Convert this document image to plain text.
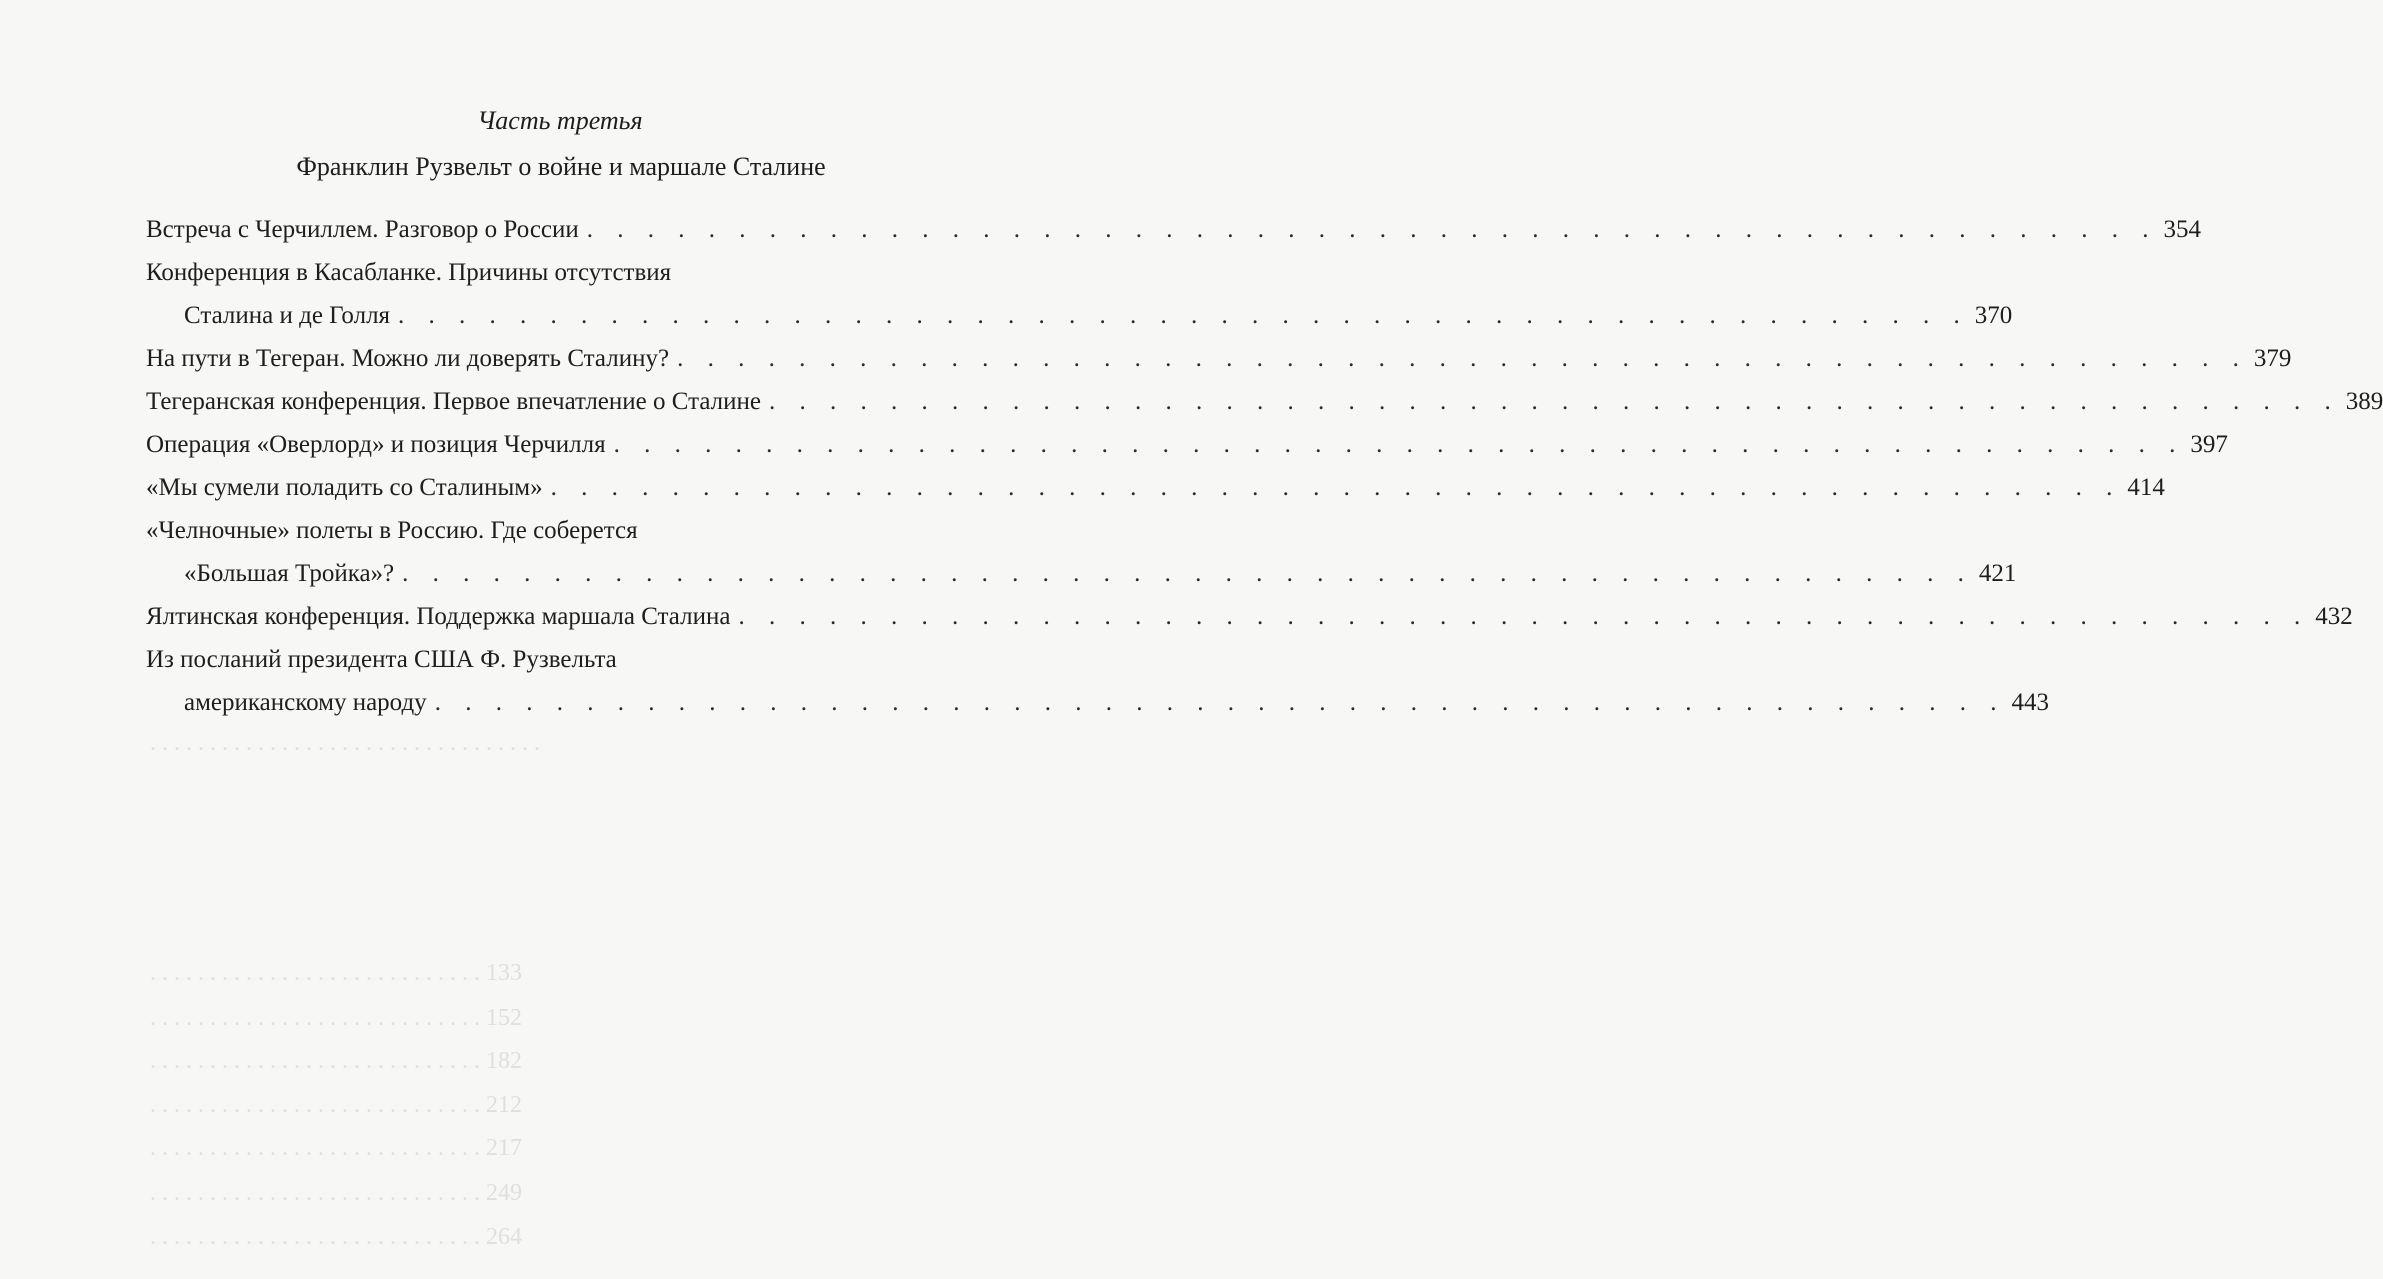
. . . . . . . . . . . . . . . . . . . . . . . . . . . . . . . . .
. . . . . . . . . . . . . . . . . . . . . . . . . . . . 133
. . . . . . . . . . . . . . . . . . . . . . . . . . . . 152
. . . . . . . . . . . . . . . . . . . . . . . . . . . . 182
. . . . . . . . . . . . . . . . . . . . . . . . . . . . 212
. . . . . . . . . . . . . . . . . . . . . . . . . . . . 217
. . . . . . . . . . . . . . . . . . . . . . . . . . . . 249
. . . . . . . . . . . . . . . . . . . . . . . . . . . . 264
Часть третья
Франклин Рузвельт о войне и маршале Сталине
Встреча с Черчиллем. Разговор о России . . . . . . . . . . . . . . . . . . . . . . . . . . . . . . . . . . . . . . . . . . . . . . . . . . . . 354
Конференция в Касабланке. Причины отсутствия
Сталина и де Голля . . . . . . . . . . . . . . . . . . . . . . . . . . . . . . . . . . . . . . . . . . . . . . . . . . . . 370
На пути в Тегеран. Можно ли доверять Сталину? . . . . . . . . . . . . . . . . . . . . . . . . . . . . . . . . . . . . . . . . . . . . . . . . . . . . 379
Тегеранская конференция. Первое впечатление о Сталине . . . . . . . . . . . . . . . . . . . . . . . . . . . . . . . . . . . . . . . . . . . . . . . . . . . . 389
Операция «Оверлорд» и позиция Черчилля . . . . . . . . . . . . . . . . . . . . . . . . . . . . . . . . . . . . . . . . . . . . . . . . . . . . 397
«Мы сумели поладить со Сталиным» . . . . . . . . . . . . . . . . . . . . . . . . . . . . . . . . . . . . . . . . . . . . . . . . . . . . 414
«Челночные» полеты в Россию. Где соберется
«Большая Тройка»? . . . . . . . . . . . . . . . . . . . . . . . . . . . . . . . . . . . . . . . . . . . . . . . . . . . . 421
Ялтинская конференция. Поддержка маршала Сталина . . . . . . . . . . . . . . . . . . . . . . . . . . . . . . . . . . . . . . . . . . . . . . . . . . . . 432
Из посланий президента США Ф. Рузвельта
американскому народу . . . . . . . . . . . . . . . . . . . . . . . . . . . . . . . . . . . . . . . . . . . . . . . . . . . . 443
